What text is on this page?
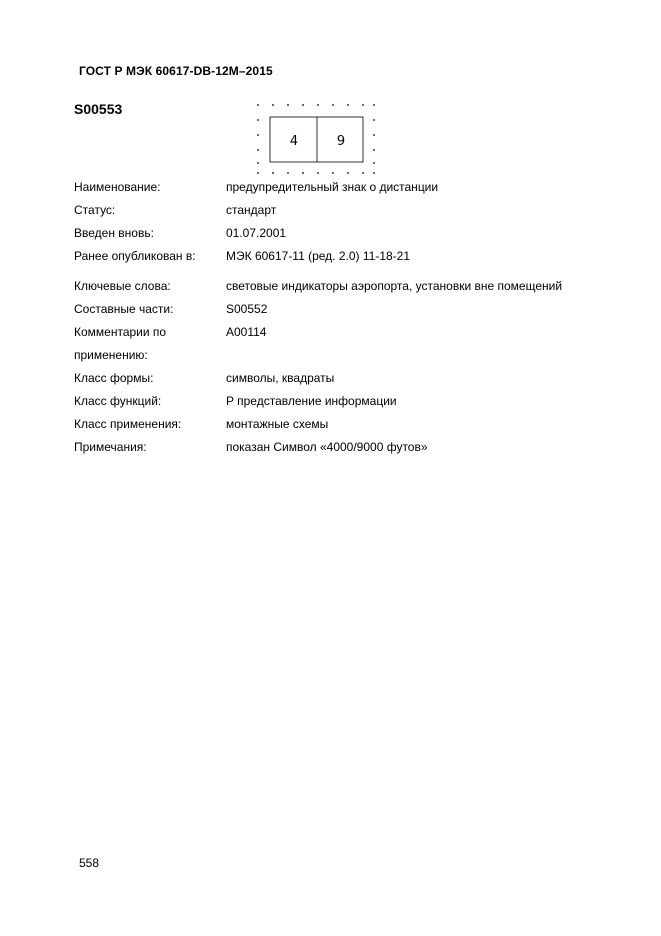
ГОСТ Р МЭК 60617-DB-12M–2015
S00553
4	9
Наименование:	предупредительный знак о дистанции
Статус:	стандарт
Введен вновь:	01.07.2001
Ранее опубликован в:	МЭК 60617-11 (ред. 2.0) 11-18-21
Ключевые слова:	световые индикаторы аэропорта, установки вне помещений
Составные части:	S00552
Комментарии по применению:
A00114
Класс формы:	символы, квадраты
Класс функций:	P представление информации
Класс применения:	монтажные схемы
Примечания:	показан Символ «4000/9000 футов»
558
